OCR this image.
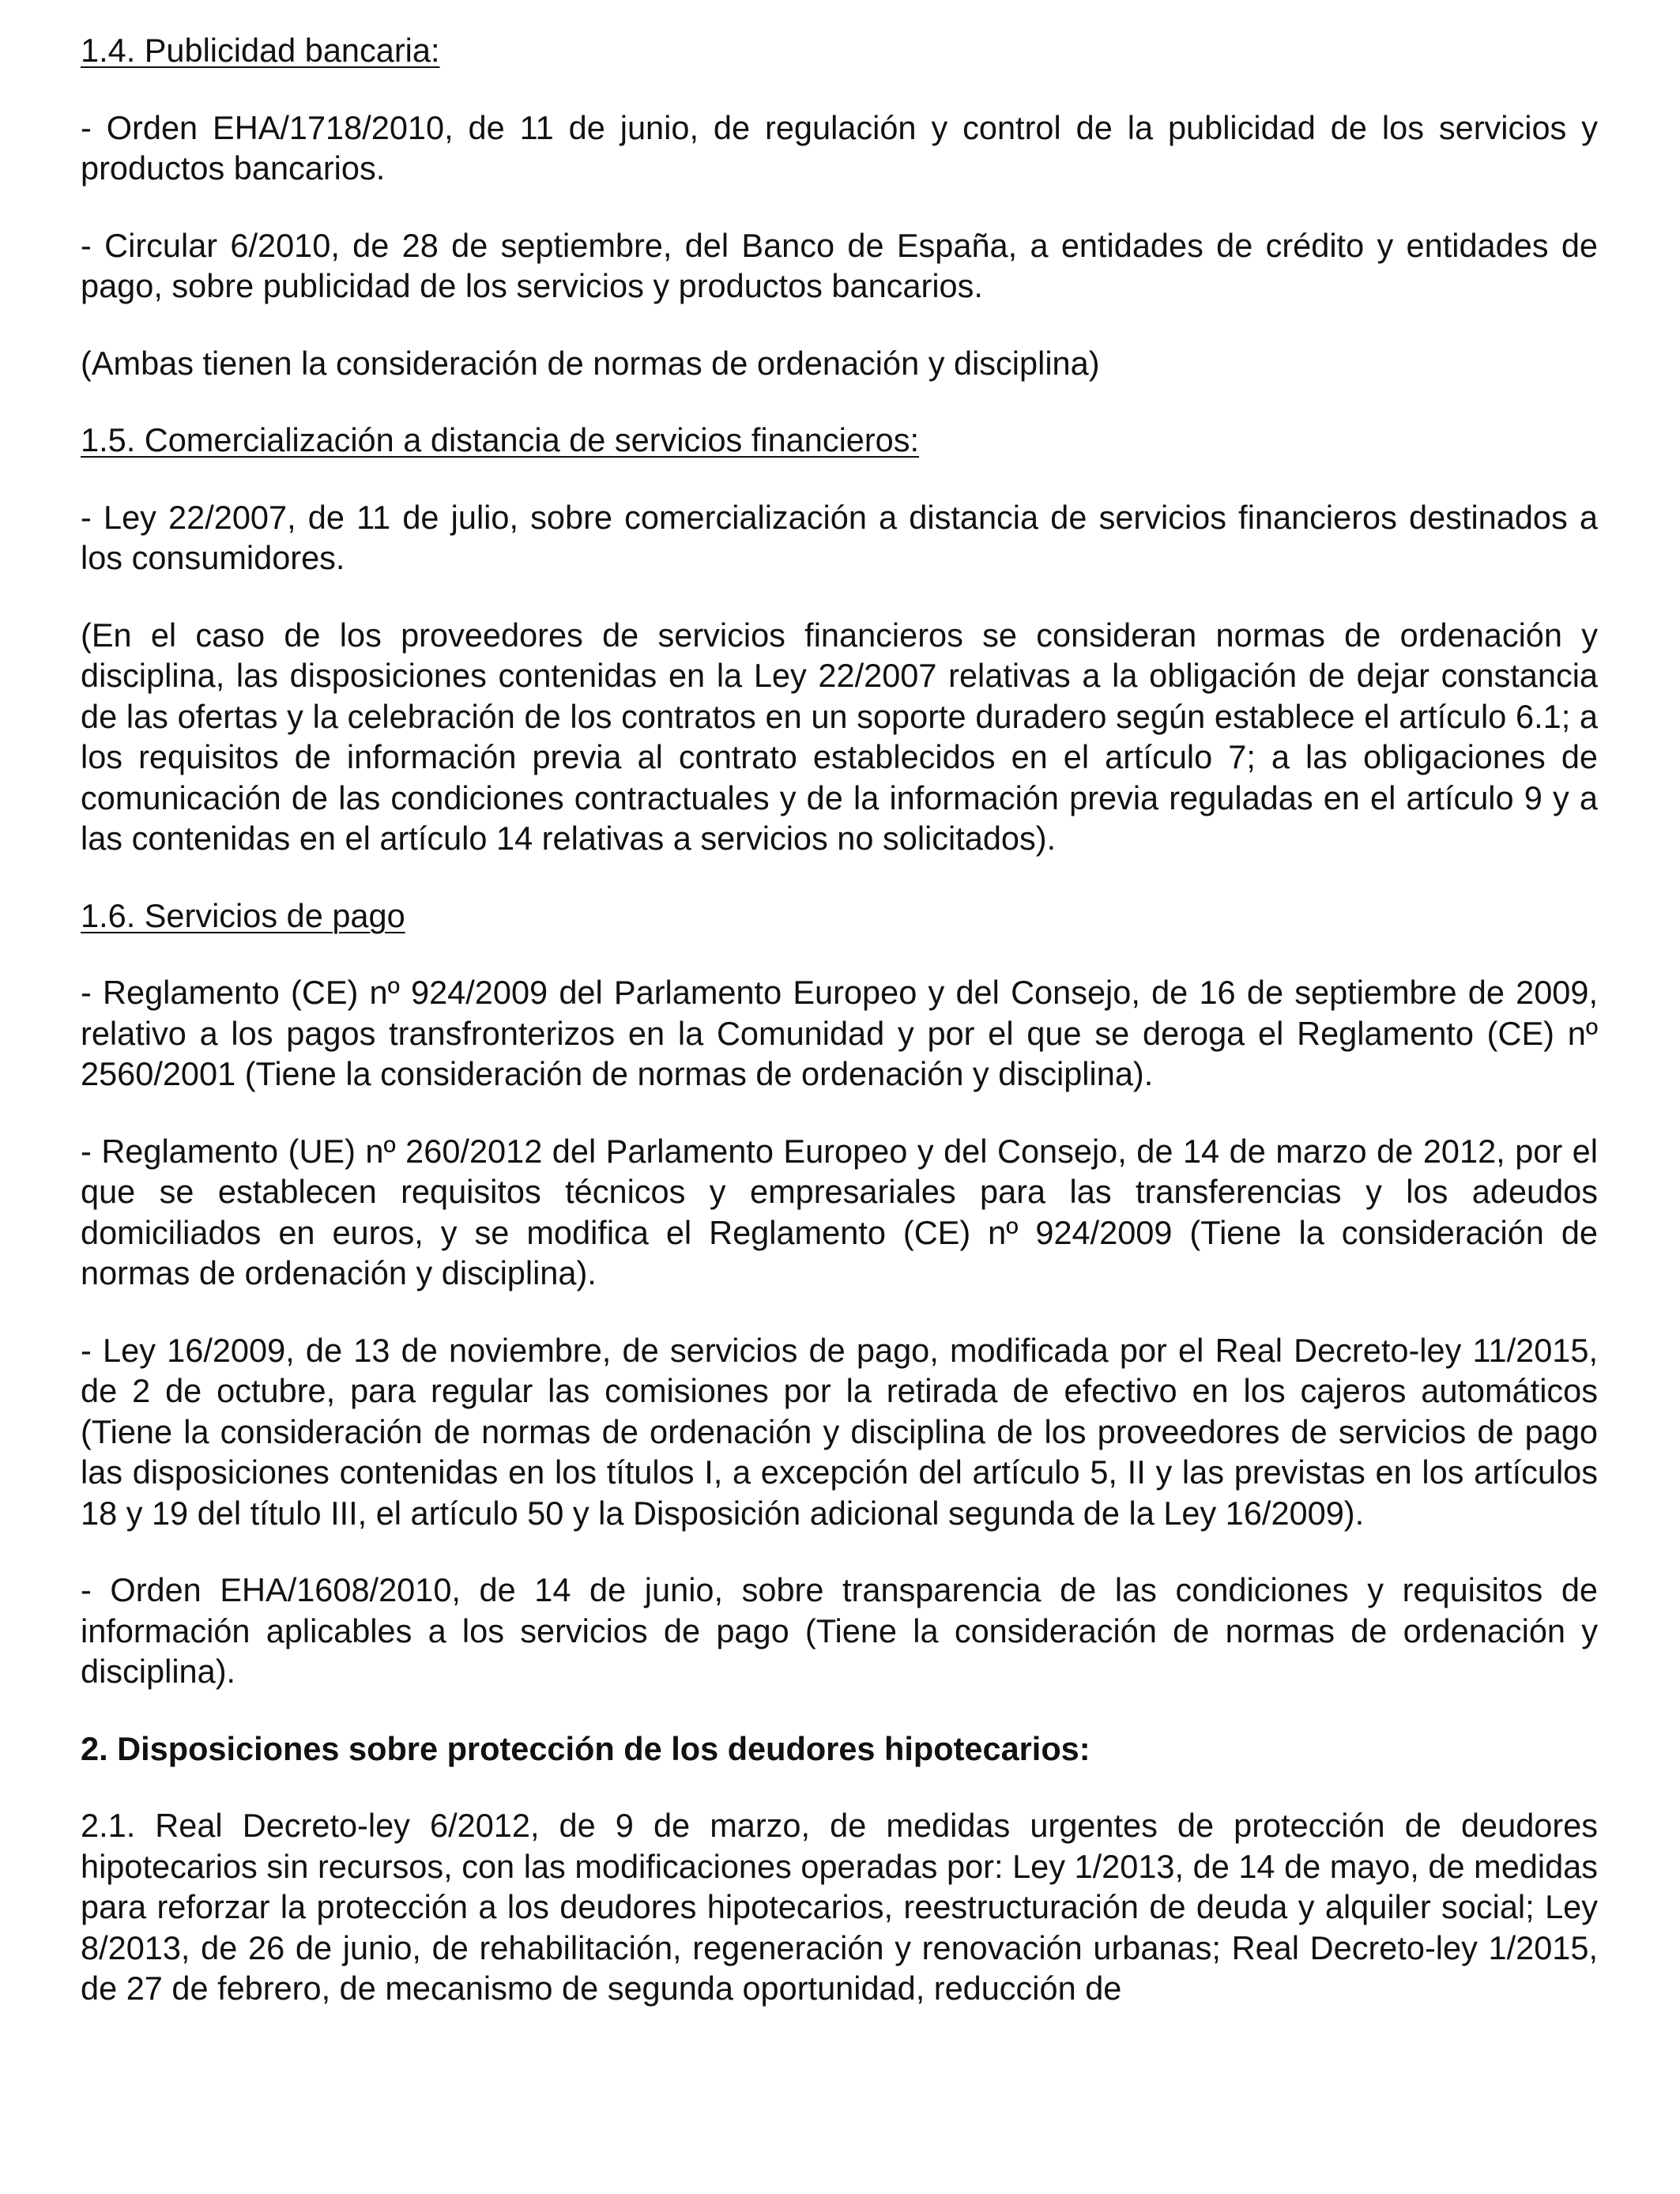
1.4. Publicidad bancaria:

- Orden EHA/1718/2010, de 11 de junio, de regulación y control de la publicidad de los servicios y productos bancarios.

- Circular 6/2010, de 28 de septiembre, del Banco de España, a entidades de crédito y entidades de pago, sobre publicidad de los servicios y productos bancarios.

(Ambas tienen la consideración de normas de ordenación y disciplina)

1.5. Comercialización a distancia de servicios financieros:

- Ley 22/2007, de 11 de julio, sobre comercialización a distancia de servicios financieros destinados a los consumidores.

(En el caso de los proveedores de servicios financieros se consideran normas de ordenación y disciplina, las disposiciones contenidas en la Ley 22/2007 relativas a la obligación de dejar constancia de las ofertas y la celebración de los contratos en un soporte duradero según establece el artículo 6.1; a los requisitos de información previa al contrato establecidos en el artículo 7; a las obligaciones de comunicación de las condiciones contractuales y de la información previa reguladas en el artículo 9 y a las contenidas en el artículo 14 relativas a servicios no solicitados).

1.6. Servicios de pago

- Reglamento (CE) nº 924/2009 del Parlamento Europeo y del Consejo, de 16 de septiembre de 2009, relativo a los pagos transfronterizos en la Comunidad y por el que se deroga el Reglamento (CE) nº 2560/2001 (Tiene la consideración de normas de ordenación y disciplina).

- Reglamento (UE) nº 260/2012 del Parlamento Europeo y del Consejo, de 14 de marzo de 2012, por el que se establecen requisitos técnicos y empresariales para las transferencias y los adeudos domiciliados en euros, y se modifica el Reglamento (CE) nº 924/2009 (Tiene la consideración de normas de ordenación y disciplina).

- Ley 16/2009, de 13 de noviembre, de servicios de pago, modificada por el Real Decreto-ley 11/2015, de 2 de octubre, para regular las comisiones por la retirada de efectivo en los cajeros automáticos (Tiene la consideración de normas de ordenación y disciplina de los proveedores de servicios de pago las disposiciones contenidas en los títulos I, a excepción del artículo 5, II y las previstas en los artículos 18 y 19 del título III, el artículo 50 y la Disposición adicional segunda de la Ley 16/2009).

- Orden EHA/1608/2010, de 14 de junio, sobre transparencia de las condiciones y requisitos de información aplicables a los servicios de pago (Tiene la consideración de normas de ordenación y disciplina).

2. Disposiciones sobre protección de los deudores hipotecarios:

2.1. Real Decreto-ley 6/2012, de 9 de marzo, de medidas urgentes de protección de deudores hipotecarios sin recursos, con las modificaciones operadas por: Ley 1/2013, de 14 de mayo, de medidas para reforzar la protección a los deudores hipotecarios, reestructuración de deuda y alquiler social; Ley 8/2013, de 26 de junio, de rehabilitación, regeneración y renovación urbanas; Real Decreto-ley 1/2015, de 27 de febrero, de mecanismo de segunda oportunidad, reducción de
